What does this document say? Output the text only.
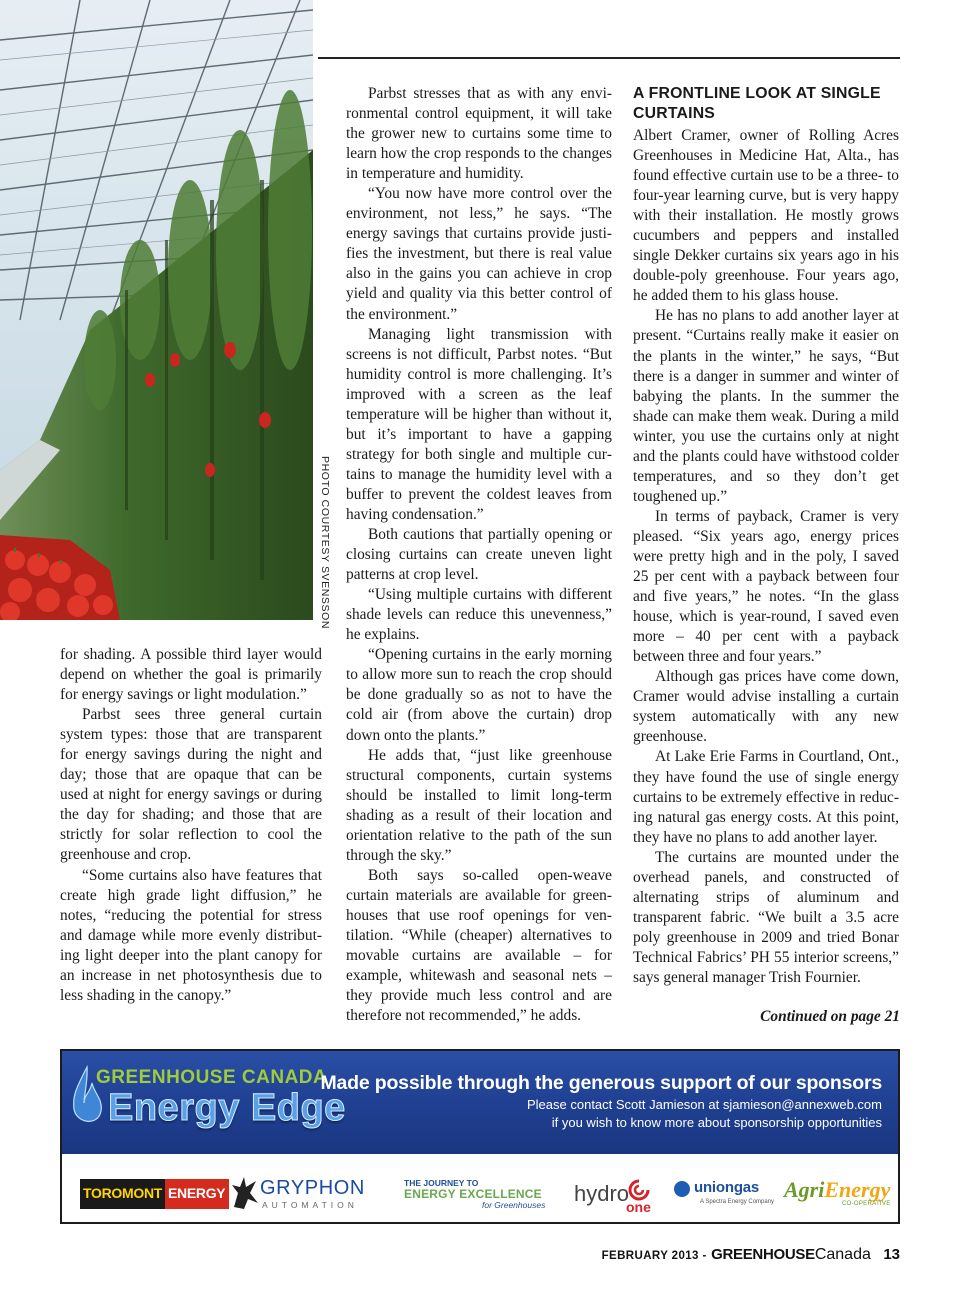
PHOTO COURTESY SVENSSON

for shading. A possible third layer would depend on whether the goal is primarily for energy savings or light modulation.”

Parbst sees three general curtain system types: those that are transparent for energy savings during the night and day; those that are opaque that can be used at night for energy savings or during the day for shading; and those that are strictly for solar reflection to cool the greenhouse and crop.

“Some curtains also have features that create high grade light diffusion,” he notes, “reducing the potential for stress and damage while more evenly distributing light deeper into the plant canopy for an increase in net photosynthesis due to less shading in the canopy.”

Parbst stresses that as with any environmental control equipment, it will take the grower new to curtains some time to learn how the crop responds to the changes in temperature and humidity.

“You now have more control over the environment, not less,” he says. “The energy savings that curtains provide justifies the investment, but there is real value also in the gains you can achieve in crop yield and quality via this better control of the environment.”

Managing light transmission with screens is not difficult, Parbst notes. “But humidity control is more challenging. It’s improved with a screen as the leaf temperature will be higher than without it, but it’s important to have a gapping strategy for both single and multiple curtains to manage the humidity level with a buffer to prevent the coldest leaves from having condensation.”

Both cautions that partially opening or closing curtains can create uneven light patterns at crop level.

“Using multiple curtains with different shade levels can reduce this unevenness,” he explains.

“Opening curtains in the early morning to allow more sun to reach the crop should be done gradually so as not to have the cold air (from above the curtain) drop down onto the plants.”

He adds that, “just like greenhouse structural components, curtain systems should be installed to limit long-term shading as a result of their location and orientation relative to the path of the sun through the sky.”

Both says so-called open-weave curtain materials are available for greenhouses that use roof openings for ventilation. “While (cheaper) alternatives to movable curtains are available – for example, whitewash and seasonal nets – they provide much less control and are therefore not recommended,” he adds.

A FRONTLINE LOOK AT SINGLE CURTAINS

Albert Cramer, owner of Rolling Acres Greenhouses in Medicine Hat, Alta., has found effective curtain use to be a three- to four-year learning curve, but is very happy with their installation. He mostly grows cucumbers and peppers and installed single Dekker curtains six years ago in his double-poly greenhouse. Four years ago, he added them to his glass house.

He has no plans to add another layer at present. “Curtains really make it easier on the plants in the winter,” he says, “But there is a danger in summer and winter of babying the plants. In the summer the shade can make them weak. During a mild winter, you use the curtains only at night and the plants could have withstood colder temperatures, and so they don’t get toughened up.”

In terms of payback, Cramer is very pleased. “Six years ago, energy prices were pretty high and in the poly, I saved 25 per cent with a payback between four and five years,” he notes. “In the glass house, which is year-round, I saved even more – 40 per cent with a payback between three and four years.”

Although gas prices have come down, Cramer would advise installing a curtain system automatically with any new greenhouse.

At Lake Erie Farms in Courtland, Ont., they have found the use of single energy curtains to be extremely effective in reducing natural gas energy costs. At this point, they have no plans to add another layer.

The curtains are mounted under the overhead panels, and constructed of alternating strips of aluminum and transparent fabric. “We built a 3.5 acre poly greenhouse in 2009 and tried Bonar Technical Fabrics’ PH 55 interior screens,” says general manager Trish Fournier.

Continued on page 21
GREENHOUSE CANADA
Energy Edge
Made possible through the generous support of our sponsors
Please contact Scott Jamieson at sjamieson@annexweb.com
if you wish to know more about sponsorship opportunities
TOROMONT ENERGY GRYPHON
AUTOMATION
THE JOURNEY TO
ENERGY EXCELLENCE
for Greenhouses	hydro
one
uniongas
A Spectra Energy Company AgriEnergy
CO-OPERATIVE
FEBRUARY 2013 - GREENHOUSECanada 13
